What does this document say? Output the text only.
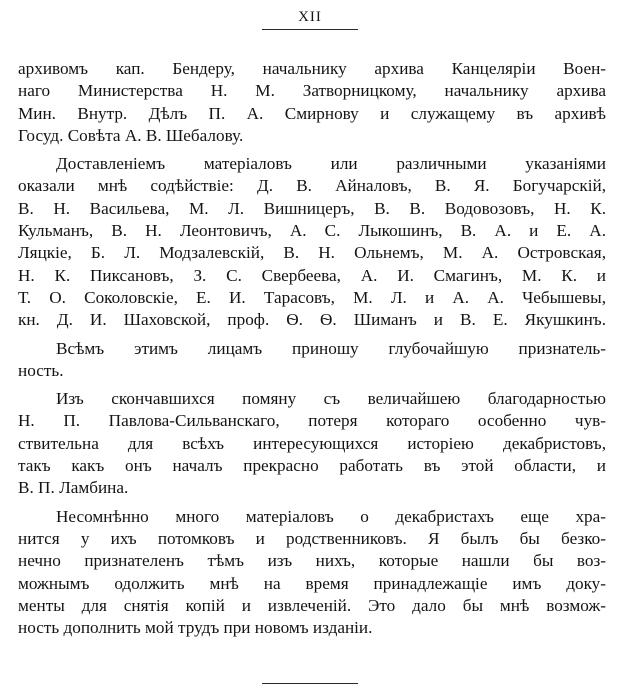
XII

архивомъ кап. Бендеру, начальнику архива Канцеляріи Воен-
наго Министерства Н. М. Затворницкому, начальнику архива
Мин. Внутр. Дѣлъ П. А. Смирнову и служащему въ архивѣ
Госуд. Совѣта А. В. Шебалову.

Доставленіемъ матеріаловъ или различными указаніями
оказали мнѣ содѣйствіе: Д. В. Айналовъ, В. Я. Богучарскій,
В. Н. Васильева, М. Л. Вишницеръ, В. В. Водовозовъ, Н. К.
Кульманъ, В. Н. Леонтовичъ, А. С. Лыкошинъ, В. А. и Е. А.
Ляцкіе, Б. Л. Модзалевскій, В. Н. Ольнемъ, М. А. Островская,
Н. К. Пиксановъ, З. С. Свербеева, А. И. Смагинъ, М. К. и
Т. О. Соколовскіе, Е. И. Тарасовъ, М. Л. и А. А. Чебышевы,
кн. Д. И. Шаховской, проф. Ѳ. Ѳ. Шиманъ и В. Е. Якушкинъ.

Всѣмъ этимъ лицамъ приношу глубочайшую признатель-
ность.

Изъ скончавшихся помяну съ величайшею благодарностью
Н. П. Павлова-Сильванскаго, потеря котораго особенно чув-
ствительна для всѣхъ интересующихся исторіею декабристовъ,
такъ какъ онъ началъ прекрасно работать въ этой области, и
В. П. Ламбина.

Несомнѣнно много матеріаловъ о декабристахъ еще хра-
нится у ихъ потомковъ и родственниковъ. Я былъ бы безко-
нечно признателенъ тѣмъ изъ нихъ, которые нашли бы воз-
можнымъ одолжить мнѣ на время принадлежащіе имъ доку-
менты для снятія копій и извлеченій. Это дало бы мнѣ возмож-
ность дополнить мой трудъ при новомъ изданіи.
